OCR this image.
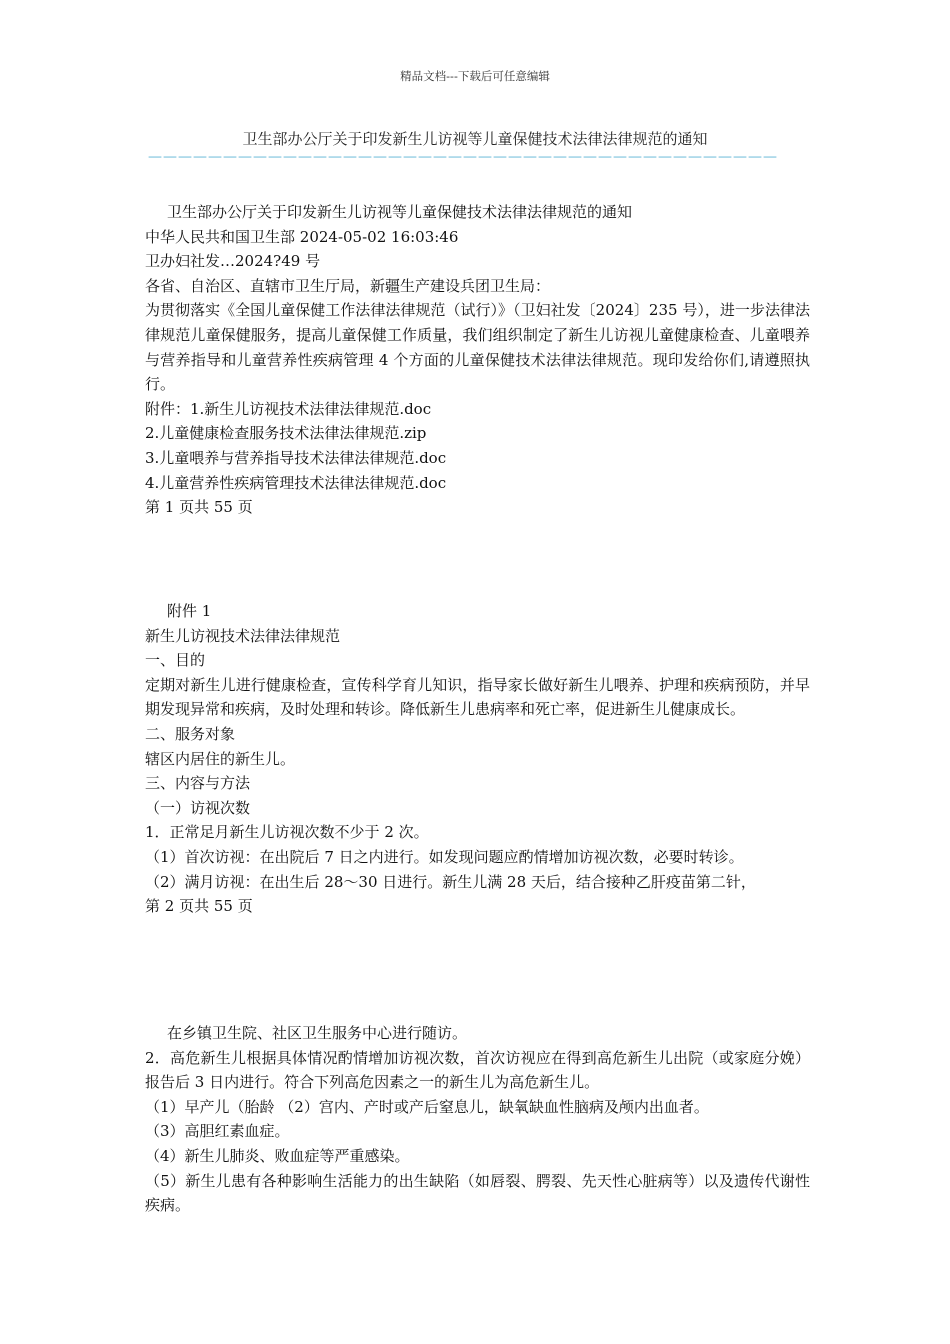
精品文档---下载后可任意编辑
卫生部办公厅关于印发新生儿访视等儿童保健技术法律法律规范的通知
——————————————————————————————————————————

卫生部办公厅关于印发新生儿访视等儿童保健技术法律法律规范的通知

中华人民共和国卫生部 2024-05-02 16:03:46

卫办妇社发…2024?49 号

各省、自治区、直辖市卫生厅局，新疆生产建设兵团卫生局：

为贯彻落实《全国儿童保健工作法律法律规范（试行）》（卫妇社发〔2024〕235 号），进一步法律法律规范儿童保健服务，提高儿童保健工作质量，我们组织制定了新生儿访视儿童健康检查、儿童喂养与营养指导和儿童营养性疾病管理 4 个方面的儿童保健技术法律法律规范。现印发给你们,请遵照执行。

附件：1.新生儿访视技术法律法律规范.doc

2.儿童健康检查服务技术法律法律规范.zip

3.儿童喂养与营养指导技术法律法律规范.doc

4.儿童营养性疾病管理技术法律法律规范.doc

第 1 页共 55 页

附件 1

新生儿访视技术法律法律规范

一、目的

定期对新生儿进行健康检查，宣传科学育儿知识，指导家长做好新生儿喂养、护理和疾病预防，并早期发现异常和疾病，及时处理和转诊。降低新生儿患病率和死亡率，促进新生儿健康成长。

二、服务对象

辖区内居住的新生儿。

三、内容与方法

（一）访视次数

1．正常足月新生儿访视次数不少于 2 次。

（1）首次访视：在出院后 7 日之内进行。如发现问题应酌情增加访视次数，必要时转诊。

（2）满月访视：在出生后 28～30 日进行。新生儿满 28 天后，结合接种乙肝疫苗第二针，

第 2 页共 55 页

在乡镇卫生院、社区卫生服务中心进行随访。

2．高危新生儿根据具体情况酌情增加访视次数，首次访视应在得到高危新生儿出院（或家庭分娩）报告后 3 日内进行。符合下列高危因素之一的新生儿为高危新生儿。

（1）早产儿（胎龄 （2）宫内、产时或产后窒息儿，缺氧缺血性脑病及颅内出血者。

（3）高胆红素血症。

（4）新生儿肺炎、败血症等严重感染。

（5）新生儿患有各种影响生活能力的出生缺陷（如唇裂、腭裂、先天性心脏病等）以及遗传代谢性疾病。
